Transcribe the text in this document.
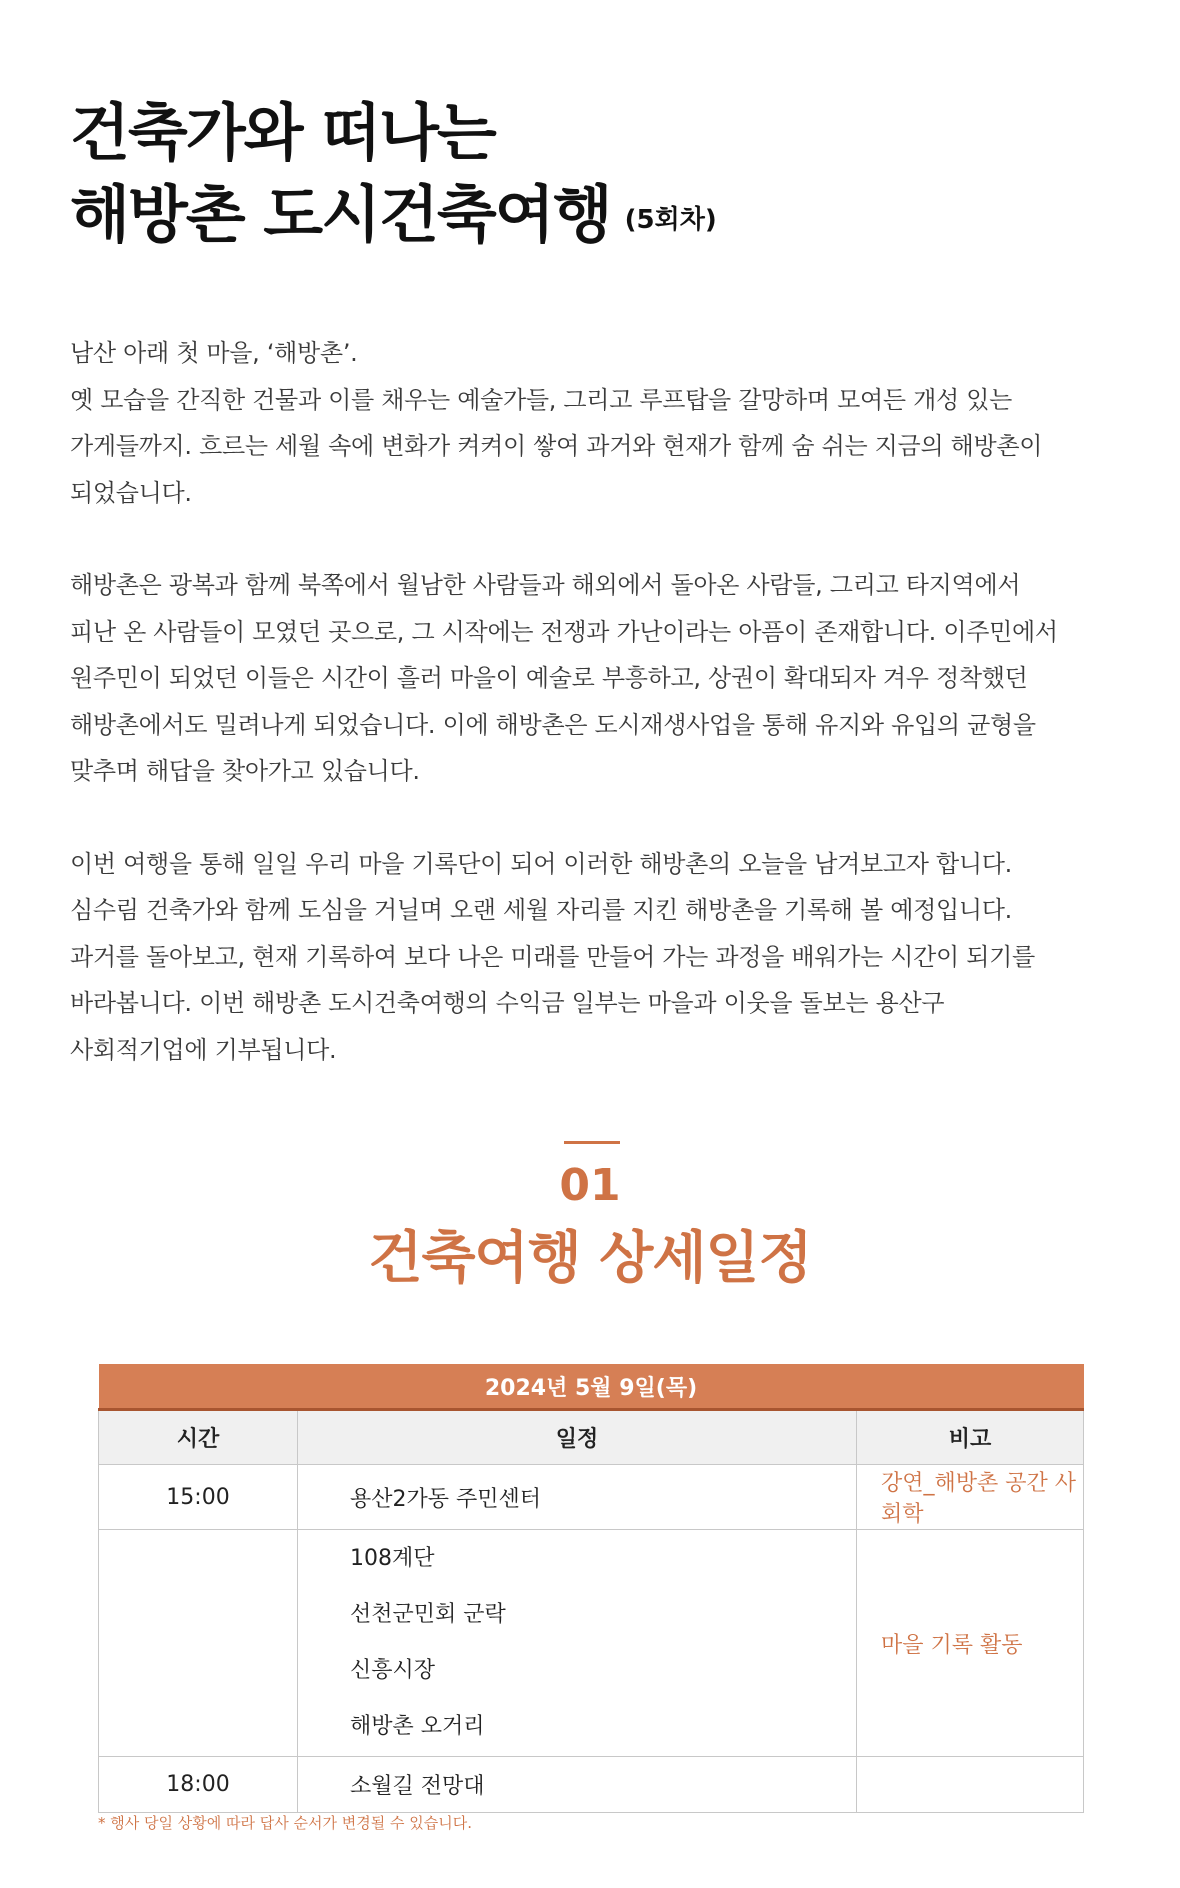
건축가와 떠나는
해방촌 도시건축여행 (5회차)

남산 아래 첫 마을, ‘해방촌’.
옛 모습을 간직한 건물과 이를 채우는 예술가들, 그리고 루프탑을 갈망하며 모여든 개성 있는
가게들까지. 흐르는 세월 속에 변화가 켜켜이 쌓여 과거와 현재가 함께 숨 쉬는 지금의 해방촌이
되었습니다.

해방촌은 광복과 함께 북쪽에서 월남한 사람들과 해외에서 돌아온 사람들, 그리고 타지역에서
피난 온 사람들이 모였던 곳으로, 그 시작에는 전쟁과 가난이라는 아픔이 존재합니다. 이주민에서
원주민이 되었던 이들은 시간이 흘러 마을이 예술로 부흥하고, 상권이 확대되자 겨우 정착했던
해방촌에서도 밀려나게 되었습니다. 이에 해방촌은 도시재생사업을 통해 유지와 유입의 균형을
맞추며 해답을 찾아가고 있습니다.

이번 여행을 통해 일일 우리 마을 기록단이 되어 이러한 해방촌의 오늘을 남겨보고자 합니다.
심수림 건축가와 함께 도심을 거닐며 오랜 세월 자리를 지킨 해방촌을 기록해 볼 예정입니다.
과거를 돌아보고, 현재 기록하여 보다 나은 미래를 만들어 가는 과정을 배워가는 시간이 되기를
바라봅니다. 이번 해방촌 도시건축여행의 수익금 일부는 마을과 이웃을 돌보는 용산구
사회적기업에 기부됩니다.

01
건축여행 상세일정
2024년 5월 9일(목)		
시간	일정	비고
15:00	용산2가동 주민센터	강연_해방촌 공간 사회학

	108계단
선천군민회 군락
신흥시장
해방촌 오거리	마을 기록 활동
18:00	소월길 전망대	
* 행사 당일 상황에 따라 답사 순서가 변경될 수 있습니다.
